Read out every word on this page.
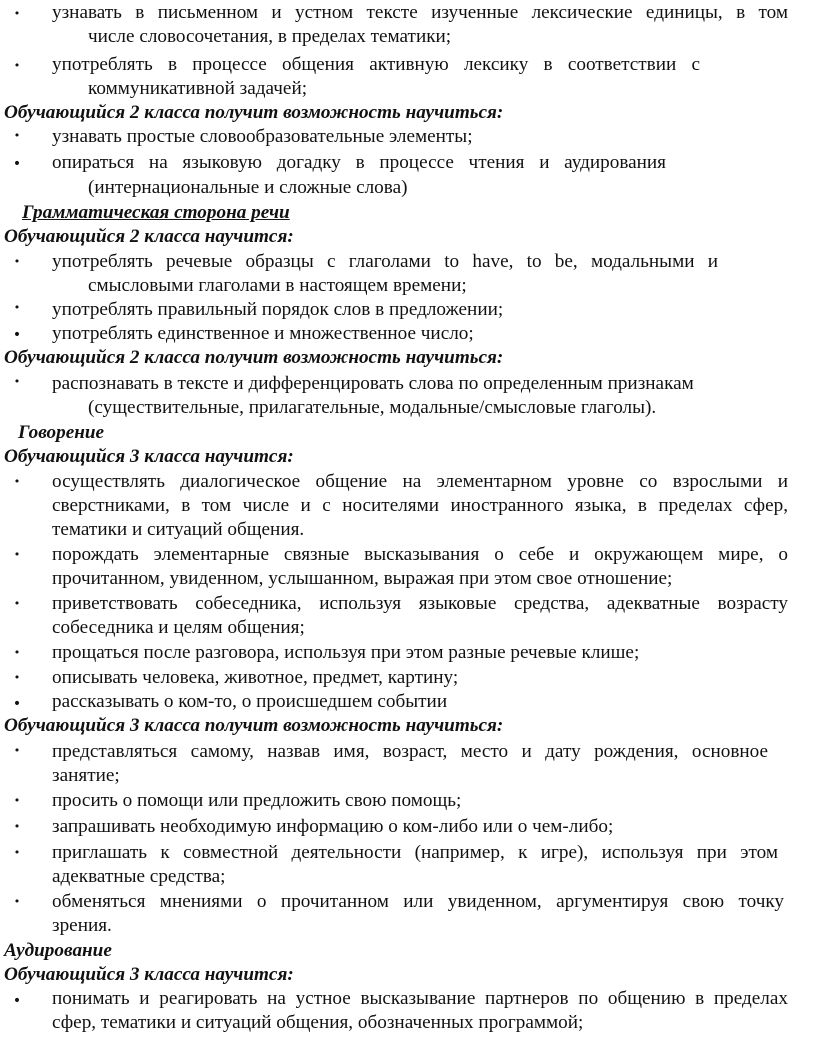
• узнавать в письменном и устном тексте изученные лексические единицы, в том
числе словосочетания, в пределах тематики;
• употреблять в процессе общения активную лексику в соответствии с
коммуникативной задачей;
Обучающийся 2 класса получит возможность научиться:
• узнавать простые словообразовательные элементы;
• опираться на языковую догадку в процессе чтения и аудирования
(интернациональные и сложные слова)
Грамматическая сторона речи
Обучающийся 2 класса научится:
• употреблять речевые образцы с глаголами to have, to be, модальными и
смысловыми глаголами в настоящем времени;
• употреблять правильный порядок слов в предложении;
• употреблять единственное и множественное число;
Обучающийся 2 класса получит возможность научиться:
• распознавать в тексте и дифференцировать слова по определенным признакам
(существительные, прилагательные, модальные/смысловые глаголы).
Говорение
Обучающийся 3 класса научится:
• осуществлять диалогическое общение на элементарном уровне со взрослыми и
сверстниками, в том числе и с носителями иностранного языка, в пределах сфер,
тематики и ситуаций общения.
• порождать элементарные связные высказывания о себе и окружающем мире, о
прочитанном, увиденном, услышанном, выражая при этом свое отношение;
• приветствовать собеседника, используя языковые средства, адекватные возрасту
собеседника и целям общения;
• прощаться после разговора, используя при этом разные речевые клише;
• описывать человека, животное, предмет, картину;
• рассказывать о ком-то, о происшедшем событии
Обучающийся 3 класса получит возможность научиться:
• представляться самому, назвав имя, возраст, место и дату рождения, основное
занятие;
• просить о помощи или предложить свою помощь;
• запрашивать необходимую информацию о ком-либо или о чем-либо;
• приглашать к совместной деятельности (например, к игре), используя при этом
адекватные средства;
• обменяться мнениями о прочитанном или увиденном, аргументируя свою точку
зрения.
Аудирование
Обучающийся 3 класса научится:
• понимать и реагировать на устное высказывание партнеров по общению в пределах
сфер, тематики и ситуаций общения, обозначенных программой;
